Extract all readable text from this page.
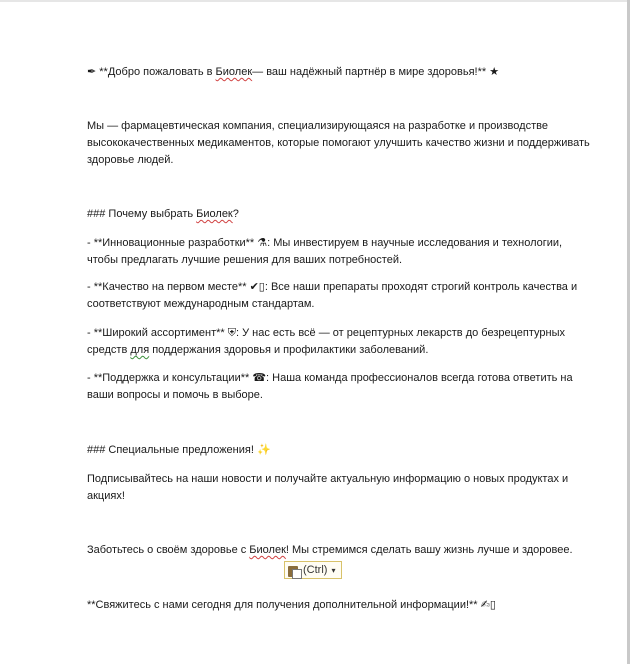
✒ **Добро пожаловать в Биолек— ваш надёжный партнёр в мире здоровья!** ★
Мы — фармацевтическая компания, специализирующаяся на разработке и производстве
высококачественных медикаментов, которые помогают улучшить качество жизни и поддерживать
здоровье людей.
### Почему выбрать Биолек?
- **Инновационные разработки** ⚗: Мы инвестируем в научные исследования и технологии,
чтобы предлагать лучшие решения для ваших потребностей.
- **Качество на первом месте** ✔▯: Все наши препараты проходят строгий контроль качества и
соответствуют международным стандартам.
- **Широкий ассортимент** ⛨: У нас есть всё — от рецептурных лекарств до безрецептурных
средств для поддержания здоровья и профилактики заболеваний.
- **Поддержка и консультации** ☎: Наша команда профессионалов всегда готова ответить на
ваши вопросы и помочь в выборе.
### Специальные предложения! ✨
Подписывайтесь на наши новости и получайте актуальную информацию о новых продуктах и
акциях!
Заботьтесь о своём здоровье с Биолек! Мы стремимся сделать вашу жизнь лучше и здоровее.
**Свяжитесь с нами сегодня для получения дополнительной информации!** ✍▯
(Ctrl) ▾
